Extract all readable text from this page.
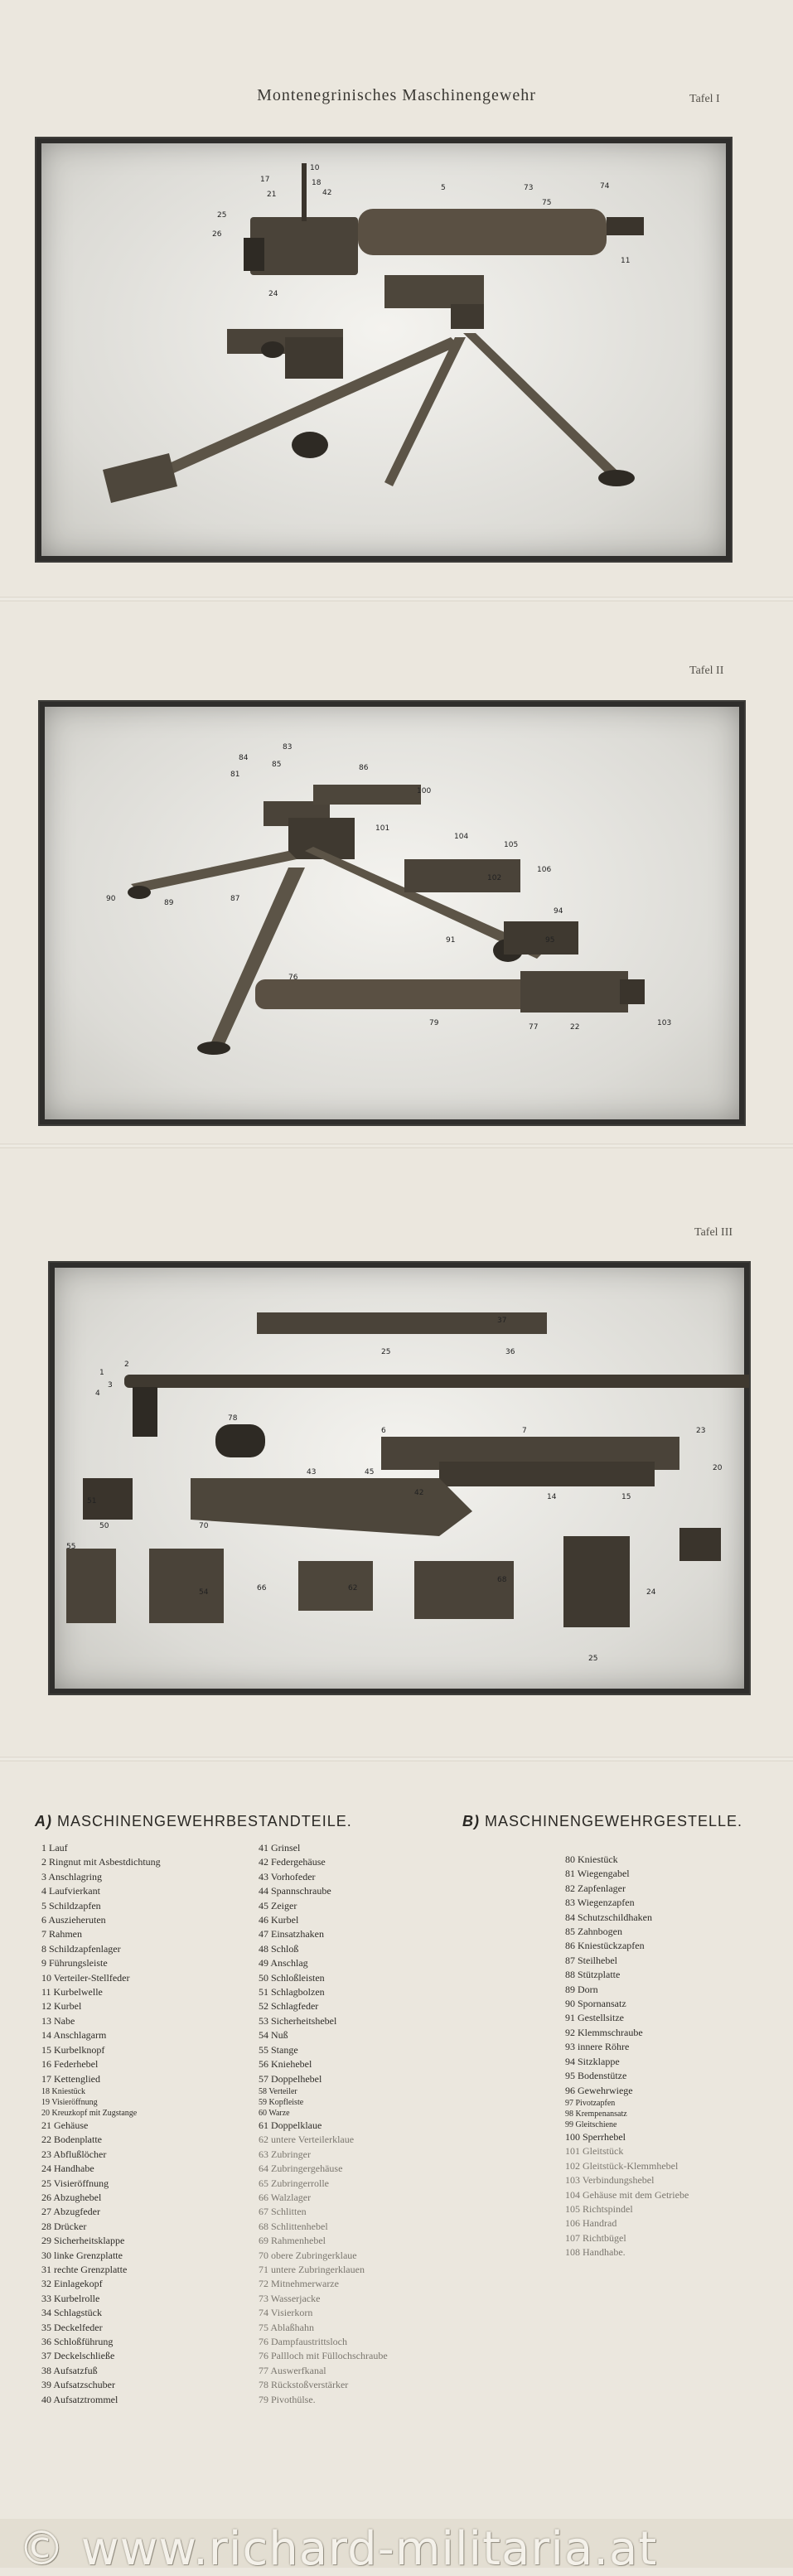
Montenegrinisches Maschinengewehr	Tafel I
Tafel II
Tafel III
10
17	18
21
25
26
24
42
5
11
73	74
75
83
84
85
81
86
100
101
104
105
106
102
94
95
91
87
89
90
76
79	77	22	103
37
25	36
1
3
2
4
78
6	7
43	45
42	14	15
23
20
51
50	70
55
54	66	62
68
24
25
A) MASCHINENGEWEHRBESTANDTEILE.	B) MASCHINENGEWEHRGESTELLE.
1 Lauf
2 Ringnut mit Asbestdichtung
3 Anschlagring
4 Laufvierkant
5 Schildzapfen
6 Auszieheruten
7 Rahmen
8 Schildzapfenlager
9 Führungsleiste
10 Verteiler-Stellfeder
11 Kurbelwelle
12 Kurbel
13 Nabe
14 Anschlagarm
15 Kurbelknopf
16 Federhebel
17 Kettenglied
18 Kniestück
19 Visieröffnung
20 Kreuzkopf mit Zugstange
21 Gehäuse
22 Bodenplatte
23 Abflußlöcher
24 Handhabe
25 Visieröffnung
26 Abzughebel
27 Abzugfeder
28 Drücker
29 Sicherheitsklappe
30 linke Grenzplatte
31 rechte Grenzplatte
32 Einlagekopf
33 Kurbelrolle
34 Schlagstück
35 Deckelfeder
36 Schloßführung
37 Deckelschließe
38 Aufsatzfuß
39 Aufsatzschuber
40 Aufsatztrommel
41 Grinsel
42 Federgehäuse
43 Vorhofeder
44 Spannschraube
45 Zeiger
46 Kurbel
47 Einsatzhaken
48 Schloß
49 Anschlag
50 Schloßleisten
51 Schlagbolzen
52 Schlagfeder
53 Sicherheitshebel
54 Nuß
55 Stange
56 Kniehebel
57 Doppelhebel
58 Verteiler
59 Kopfleiste
60 Warze
61 Doppelklaue
62 untere Verteilerklaue
63 Zubringer
64 Zubringergehäuse
65 Zubringerrolle
66 Walzlager
67 Schlitten
68 Schlittenhebel
69 Rahmenhebel
70 obere Zubringerklaue
71 untere Zubringerklauen
72 Mitnehmerwarze
73 Wasserjacke
74 Visierkorn
75 Ablaßhahn
76 Dampfaustrittsloch
76 Pallloch mit Füllochschraube
77 Auswerfkanal
78 Rückstoßverstärker
79 Pivothülse.
80 Kniestück
81 Wiegengabel
82 Zapfenlager
83 Wiegenzapfen
84 Schutzschildhaken
85 Zahnbogen
86 Kniestückzapfen
87 Steilhebel
88 Stützplatte
89 Dorn
90 Spornansatz
91 Gestellsitze
92 Klemmschraube
93 innere Röhre
94 Sitzklappe
95 Bodenstütze
96 Gewehrwiege
97 Pivotzapfen
98 Krempenansatz
99 Gleitschiene
100 Sperrhebel
101 Gleitstück
102 Gleitstück-Klemmhebel
103 Verbindungshebel
104 Gehäuse mit dem Getriebe
105 Richtspindel
106 Handrad
107 Richtbügel
108 Handhabe.
© www.richard-militaria.at
